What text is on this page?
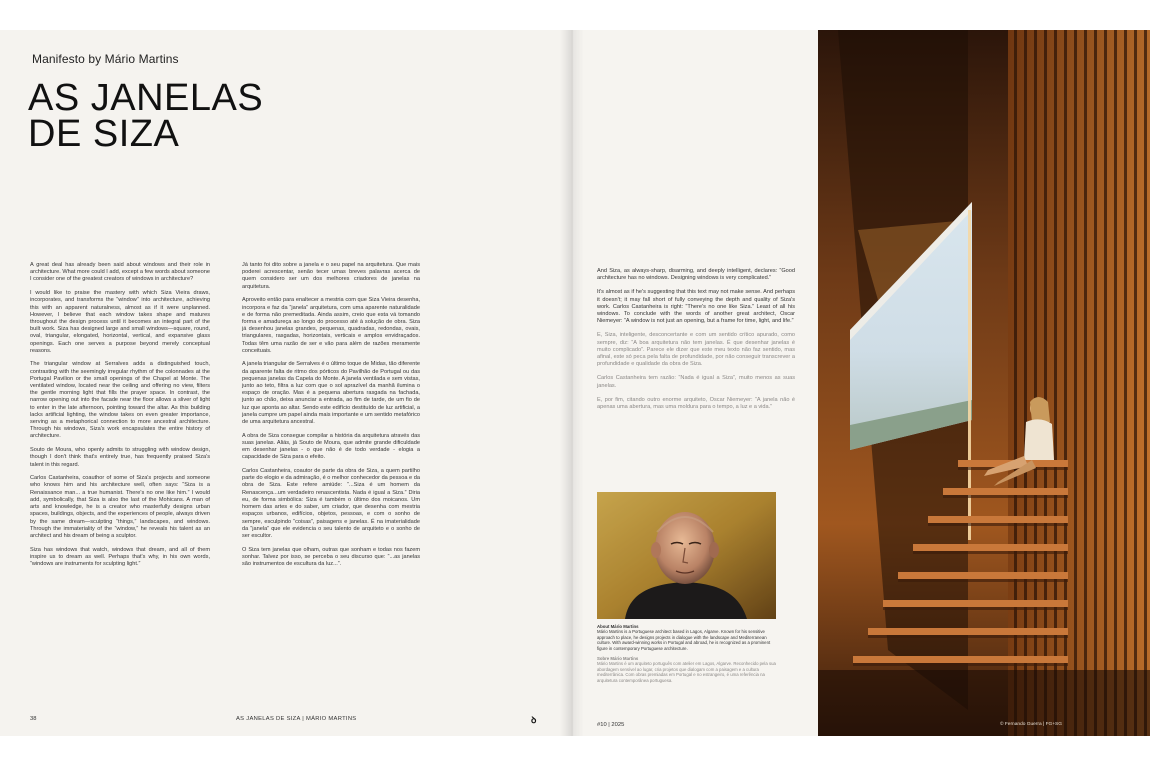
Manifesto by Mário Martins
AS JANELAS
DE SIZA

A great deal has already been said about windows and their role in architecture. What more could I add, except a few words about someone I consider one of the greatest creators of windows in architecture?

I would like to praise the mastery with which Siza Vieira draws, incorporates, and transforms the “window” into architecture, achieving this with an apparent naturalness, almost as if it were unplanned. However, I believe that each window takes shape and matures throughout the design process until it becomes an integral part of the built work. Siza has designed large and small windows—square, round, oval, triangular, elongated, horizontal, vertical, and expansive glass openings. Each one serves a purpose beyond merely conceptual reasons.

The triangular window at Serralves adds a distinguished touch, contrasting with the seemingly irregular rhythm of the colonnades at the Portugal Pavilion or the small openings of the Chapel at Monte. The ventilated window, located near the ceiling and offering no view, filters the gentle morning light that fills the prayer space. In contrast, the narrow opening out into the facade near the floor allows a sliver of light to enter in the late afternoon, pointing toward the altar. As this building lacks artificial lighting, the window takes on even greater importance, serving as a metaphorical connection to more ancestral architecture. Through his windows, Siza's work encapsulates the entire history of architecture.

Souto de Moura, who openly admits to struggling with window design, though I don't think that's entirely true, has frequently praised Siza's talent in this regard.

Carlos Castanheira, coauthor of some of Siza's projects and someone who knows him and his architecture well, often says: “Siza is a Renaissance man... a true humanist. There's no one like him.” I would add, symbolically, that Siza is also the last of the Mohicans. A man of arts and knowledge, he is a creator who masterfully designs urban spaces, buildings, objects, and the experiences of people, always driven by the same dream—sculpting “things,” landscapes, and windows. Through the immateriality of the “window,” he reveals his talent as an architect and his dream of being a sculptor.

Siza has windows that watch, windows that dream, and all of them inspire us to dream as well. Perhaps that's why, in his own words, “windows are instruments for sculpting light.”

Já tanto foi dito sobre a janela e o seu papel na arquitetura. Que mais poderei acrescentar, senão tecer umas breves palavras acerca de quem considero ser um dos melhores criadores de janelas na arquitetura.

Aproveito então para enaltecer a mestria com que Siza Vieira desenha, incorpora e faz da “janela” arquitetura, com uma aparente naturalidade e de forma não premeditada. Ainda assim, creio que esta vá tomando forma e amadureça ao longo do processo até à solução de obra. Siza já desenhou janelas grandes, pequenas, quadradas, redondas, ovais, triangulares, rasgadas, horizontais, verticais e amplos envidraçados. Todas têm uma razão de ser e vão para além de razões meramente conceituais.

A janela triangular de Serralves é o último toque de Midas, tão diferente da aparente falta de ritmo dos pórticos do Pavilhão de Portugal ou das pequenas janelas da Capela do Monte. A janela ventilada e sem vistas, junto ao teto, filtra a luz com que o sol aprazível da manhã ilumina o espaço de oração. Mas é a pequena abertura rasgada na fachada, junto ao chão, deixa anunciar a entrada, ao fim de tarde, de um fio de luz que aponta ao altar. Sendo este edifício destituído de luz artificial, a janela cumpre um papel ainda mais importante e um sentido metafórico de uma arquitetura ancestral.

A obra de Siza consegue compilar a história da arquitetura através das suas janelas. Aliás, já Souto de Moura, que admite grande dificuldade em desenhar janelas - o que não é de todo verdade - elogia a capacidade de Siza para o efeito.

Carlos Castanheira, coautor de parte da obra de Siza, a quem partilho parte do elogio e da admiração, é o melhor conhecedor da pessoa e da obra de Siza. Este refere amiúde: “...Siza é um homem da Renascença...um verdadeiro renascentista. Nada é igual a Siza.” Diria eu, de forma simbólica: Siza é também o último dos moicanos. Um homem das artes e do saber, um criador, que desenha com mestria espaços urbanos, edifícios, objetos, pessoas, e com o sonho de sempre, esculpindo “coisas”, paisagens e janelas. É na imaterialidade da “janela” que ele evidencia o seu talento de arquiteto e o sonho de ser escultor.

O Siza tem janelas que olham, outras que sonham e todas nos fazem sonhar. Talvez por isso, se perceba o seu discurso que: “...as janelas são instrumentos de escultura da luz...”.

38	AS JANELAS DE SIZA | MÁRIO MARTINS	ꝺ

And Siza, as always-sharp, disarming, and deeply intelligent, declares: “Good architecture has no windows. Designing windows is very complicated.”

It's almost as if he's suggesting that this text may not make sense. And perhaps it doesn't; it may fall short of fully conveying the depth and quality of Siza's work. Carlos Castanheira is right: “There's no one like Siza.” Least of all his windows. To conclude with the words of another great architect, Oscar Niemeyer: “A window is not just an opening, but a frame for time, light, and life.”

E, Siza, inteligente, desconcertante e com um sentido crítico apurado, como sempre, diz: “A boa arquitetura não tem janelas. É que desenhar janelas é muito complicado”. Parece ele dizer que este meu texto não faz sentido, mas afinal, este só peca pela falta de profundidade, por não conseguir transcrever a profundidade e qualidade da obra de Siza.

Carlos Castanheira tem razão: “Nada é igual a Siza”, muito menos as suas janelas.

E, por fim, citando outro enorme arquiteto, Oscar Niemeyer: “A janela não é apenas uma abertura, mas uma moldura para o tempo, a luz e a vida.”

About Mário Martins

Mário Martins is a Portuguese architect based in Lagos, Algarve. Known for his sensitive approach to place, he designs projects in dialogue with the landscape and Mediterranean culture. With award-winning works in Portugal and abroad, he is recognized as a prominent figure in contemporary Portuguese architecture.

Sobre Mário Martins

Mário Martins é um arquiteto português com atelier em Lagos, Algarve. Reconhecido pela sua abordagem sensível ao lugar, cria projetos que dialogam com a paisagem e a cultura mediterrânica. Com obras premiadas em Portugal e no estrangeiro, é uma referência na arquitetura contemporânea portuguesa.

#10 | 2025	© Fernando Guerra | FG+SG
